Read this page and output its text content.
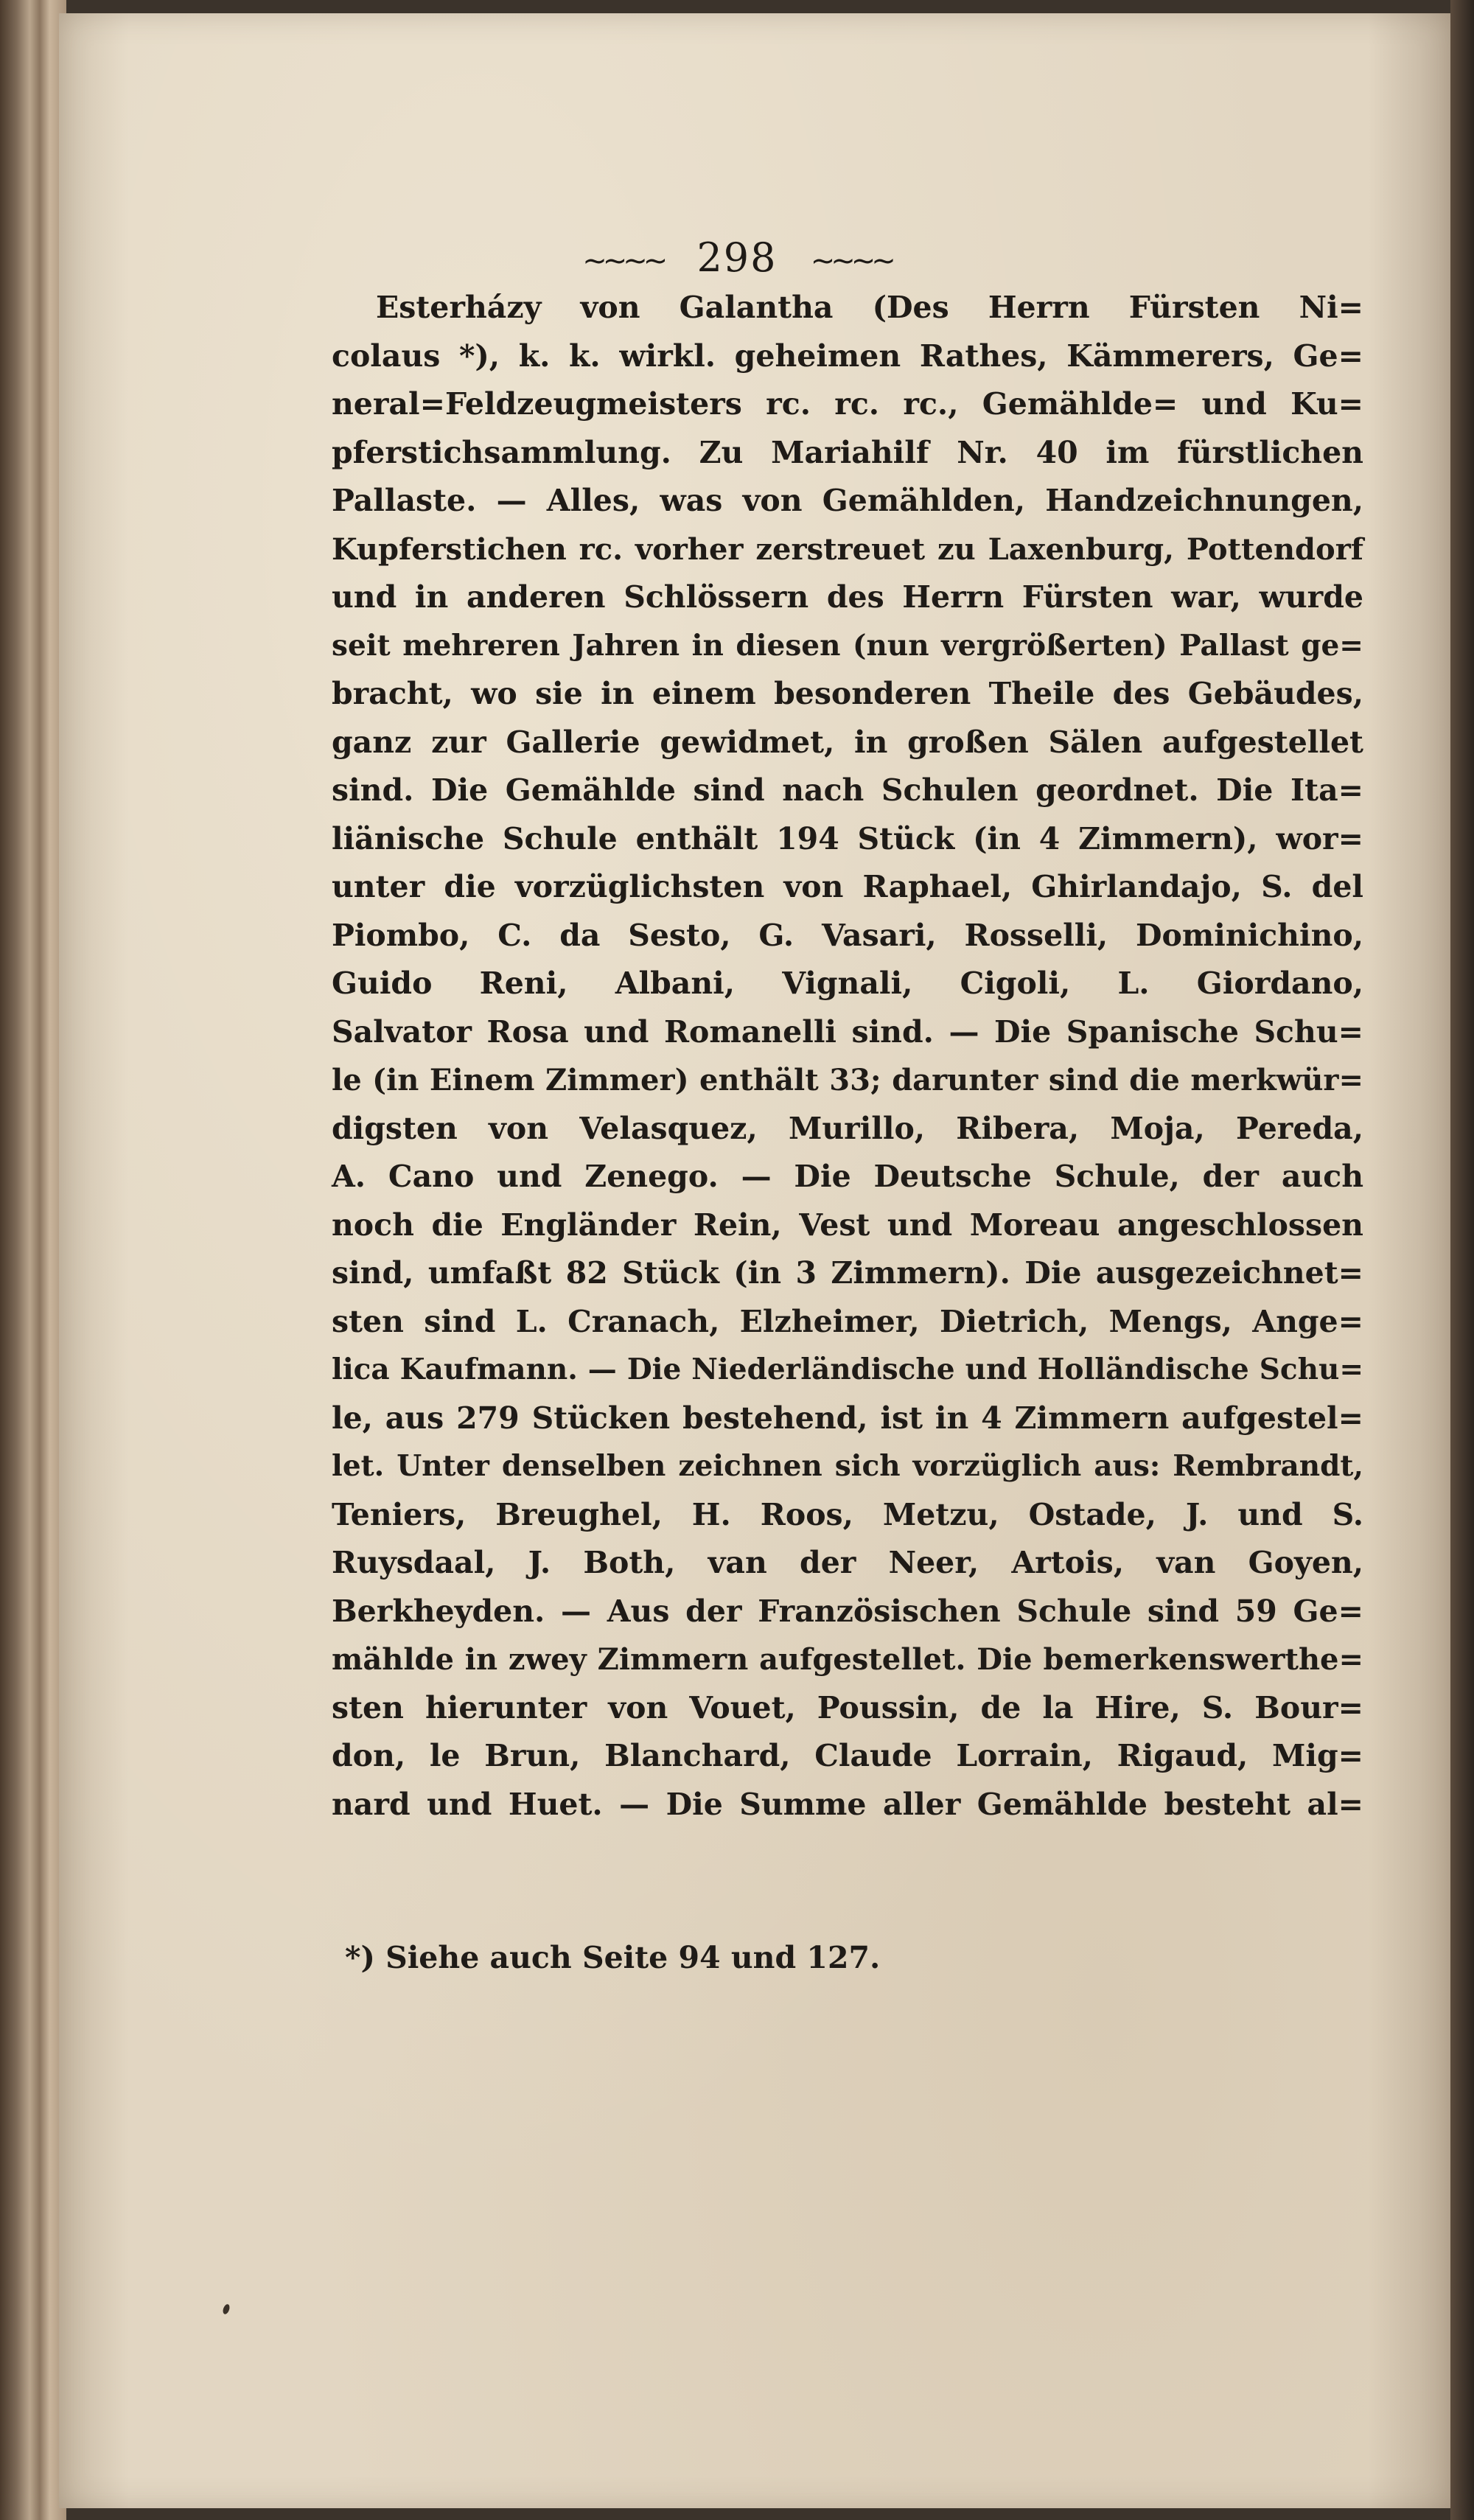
~~~~ 298 ~~~~
Esterházy von Galantha (Des Herrn Fürsten Ni=
colaus *), k. k. wirkl. geheimen Rathes, Kämmerers, Ge=
neral=Feldzeugmeisters rc. rc. rc., Gemählde= und Ku=
pferstichsammlung. Zu Mariahilf Nr. 40 im fürstlichen
Pallaste. — Alles, was von Gemählden, Handzeichnungen,
Kupferstichen rc. vorher zerstreuet zu Laxenburg, Pottendorf
und in anderen Schlössern des Herrn Fürsten war, wurde
seit mehreren Jahren in diesen (nun vergrößerten) Pallast ge=
bracht, wo sie in einem besonderen Theile des Gebäudes,
ganz zur Gallerie gewidmet, in großen Sälen aufgestellet
sind. Die Gemählde sind nach Schulen geordnet. Die Ita=
liänische Schule enthält 194 Stück (in 4 Zimmern), wor=
unter die vorzüglichsten von Raphael, Ghirlandajo, S. del
Piombo, C. da Sesto, G. Vasari, Rosselli, Dominichino,
Guido Reni, Albani, Vignali, Cigoli, L. Giordano,
Salvator Rosa und Romanelli sind. — Die Spanische Schu=
le (in Einem Zimmer) enthält 33; darunter sind die merkwür=
digsten von Velasquez, Murillo, Ribera, Moja, Pereda,
A. Cano und Zenego. — Die Deutsche Schule, der auch
noch die Engländer Rein, Vest und Moreau angeschlossen
sind, umfaßt 82 Stück (in 3 Zimmern). Die ausgezeichnet=
sten sind L. Cranach, Elzheimer, Dietrich, Mengs, Ange=
lica Kaufmann. — Die Niederländische und Holländische Schu=
le, aus 279 Stücken bestehend, ist in 4 Zimmern aufgestel=
let. Unter denselben zeichnen sich vorzüglich aus: Rembrandt,
Teniers, Breughel, H. Roos, Metzu, Ostade, J. und S.
Ruysdaal, J. Both, van der Neer, Artois, van Goyen,
Berkheyden. — Aus der Französischen Schule sind 59 Ge=
mählde in zwey Zimmern aufgestellet. Die bemerkenswerthe=
sten hierunter von Vouet, Poussin, de la Hire, S. Bour=
don, le Brun, Blanchard, Claude Lorrain, Rigaud, Mig=
nard und Huet. — Die Summe aller Gemählde besteht al=
*) Siehe auch Seite 94 und 127.
